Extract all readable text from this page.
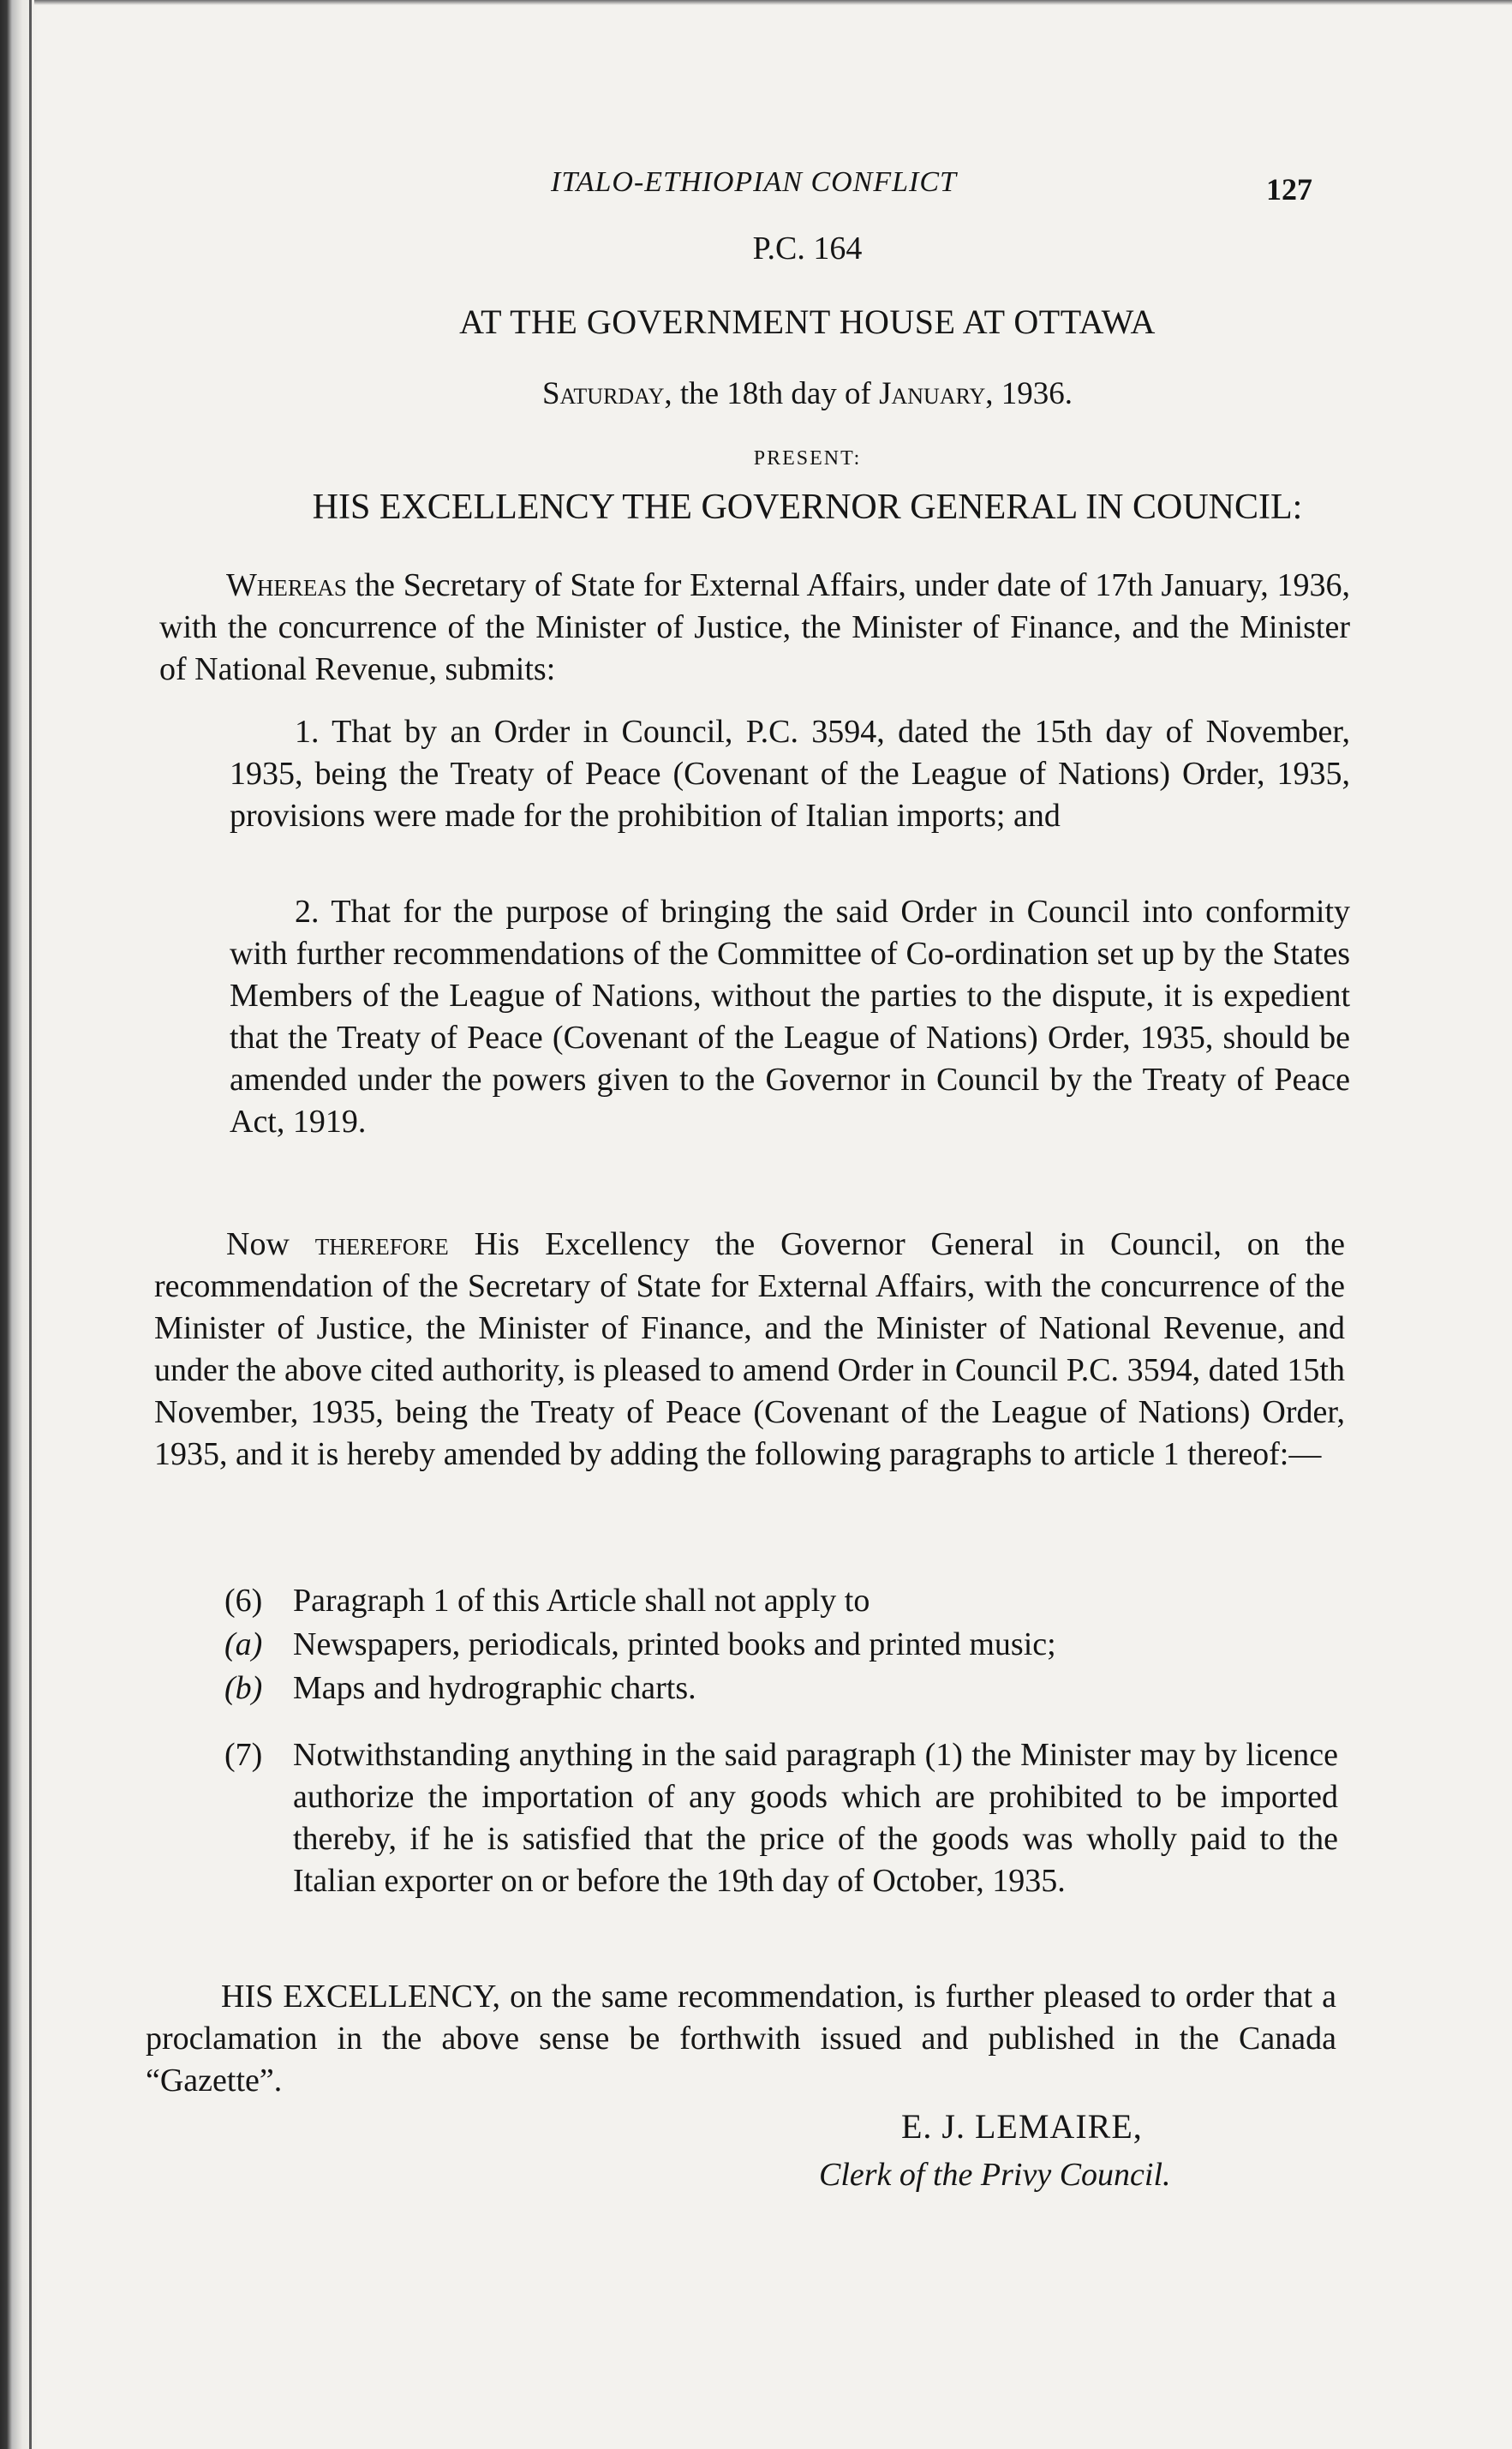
ITALO-ETHIOPIAN CONFLICT	127
P.C. 164
AT THE GOVERNMENT HOUSE AT OTTAWA
Saturday, the 18th day of January, 1936.
PRESENT:
HIS EXCELLENCY THE GOVERNOR GENERAL IN COUNCIL:

Whereas the Secretary of State for External Affairs, under date of 17th January, 1936, with the concurrence of the Minister of Justice, the Minister of Finance, and the Minister of National Revenue, submits:

1. That by an Order in Council, P.C. 3594, dated the 15th day of November, 1935, being the Treaty of Peace (Covenant of the League of Nations) Order, 1935, provisions were made for the prohibition of Italian imports; and

2. That for the purpose of bringing the said Order in Council into conformity with further recommendations of the Committee of Co-ordination set up by the States Members of the League of Nations, without the parties to the dispute, it is expedient that the Treaty of Peace (Covenant of the League of Nations) Order, 1935, should be amended under the powers given to the Governor in Council by the Treaty of Peace Act, 1919.

Now therefore His Excellency the Governor General in Council, on the recommendation of the Secretary of State for External Affairs, with the concurrence of the Minister of Justice, the Minister of Finance, and the Minister of National Revenue, and under the above cited authority, is pleased to amend Order in Council P.C. 3594, dated 15th November, 1935, being the Treaty of Peace (Covenant of the League of Nations) Order, 1935, and it is hereby amended by adding the following paragraphs to article 1 thereof:—

(6) Paragraph 1 of this Article shall not apply to

(a) Newspapers, periodicals, printed books and printed music;

(b) Maps and hydrographic charts.

(7) Notwithstanding anything in the said paragraph (1) the Minister may by licence authorize the importation of any goods which are prohibited to be imported thereby, if he is satisfied that the price of the goods was wholly paid to the Italian exporter on or before the 19th day of October, 1935.

HIS EXCELLENCY, on the same recommendation, is further pleased to order that a proclamation in the above sense be forthwith issued and published in the Canada “Gazette”.

E. J. LEMAIRE,
Clerk of the Privy Council.
